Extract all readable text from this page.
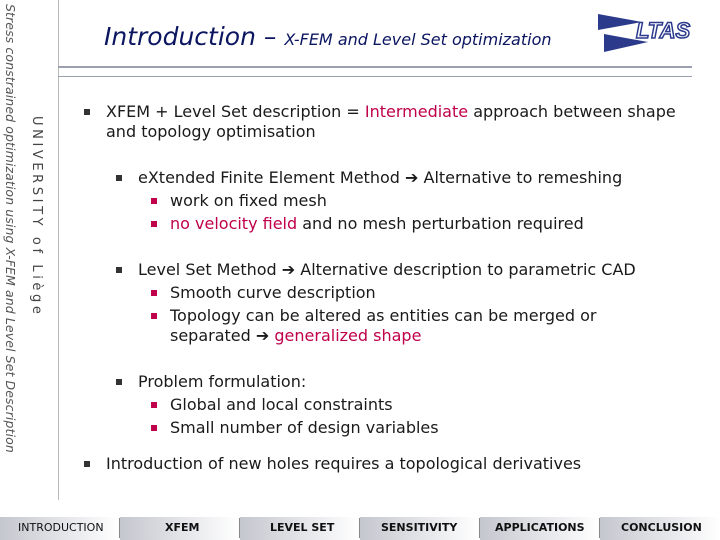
Stress constrained optimization using X-FEM and Level Set Description UNIVERSITY of Liège
Introduction – X-FEM and Level Set optimization	LTAS
XFEM + Level Set description = Intermediate approach between shape
and topology optimisation
eXtended Finite Element Method ➔ Alternative to remeshing
work on fixed mesh
no velocity field and no mesh perturbation required
Level Set Method ➔ Alternative description to parametric CAD
Smooth curve description
Topology can be altered as entities can be merged or
separated ➔ generalized shape
Problem formulation:
Global and local constraints
Small number of design variables
Introduction of new holes requires a topological derivatives
INTRODUCTION	XFEM	LEVEL SET	SENSITIVITY	APPLICATIONS	CONCLUSION
